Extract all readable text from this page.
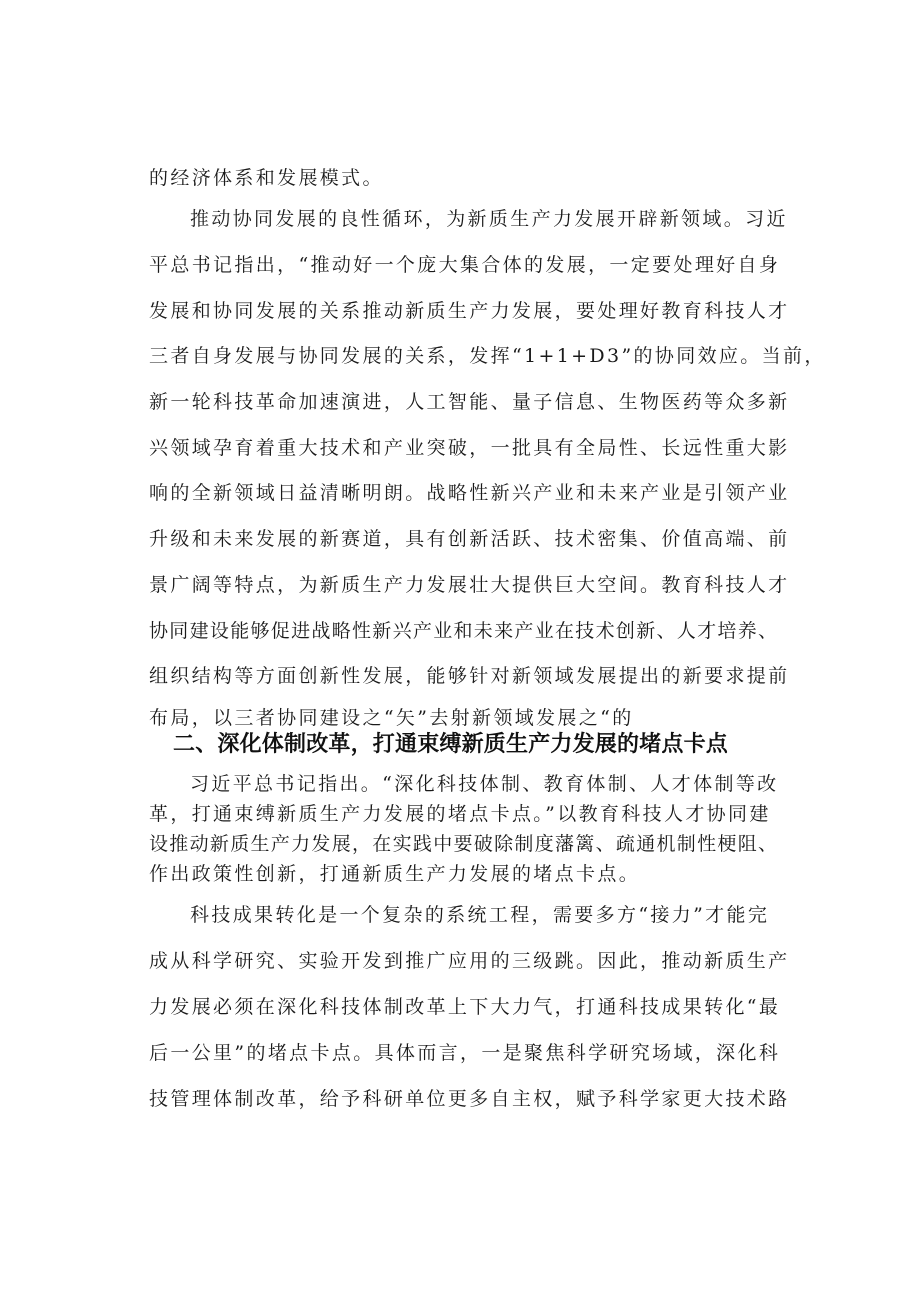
的经济体系和发展模式。
推动协同发展的良性循环，为新质生产力发展开辟新领域。习近
平总书记指出，“推动好一个庞大集合体的发展，一定要处理好自身
发展和协同发展的关系推动新质生产力发展，要处理好教育科技人才
三者自身发展与协同发展的关系，发挥“1+1+D3”的协同效应。当前，
新一轮科技革命加速演进，人工智能、量子信息、生物医药等众多新
兴领域孕育着重大技术和产业突破，一批具有全局性、长远性重大影
响的全新领域日益清晰明朗。战略性新兴产业和未来产业是引领产业
升级和未来发展的新赛道，具有创新活跃、技术密集、价值高端、前
景广阔等特点，为新质生产力发展壮大提供巨大空间。教育科技人才
协同建设能够促进战略性新兴产业和未来产业在技术创新、人才培养、
组织结构等方面创新性发展，能够针对新领域发展提出的新要求提前
布局，以三者协同建设之“矢”去射新领域发展之“的
二、深化体制改革，打通束缚新质生产力发展的堵点卡点
习近平总书记指出。“深化科技体制、教育体制、人才体制等改
革，打通束缚新质生产力发展的堵点卡点。”以教育科技人才协同建
设推动新质生产力发展，在实践中要破除制度藩篱、疏通机制性梗阻、
作出政策性创新，打通新质生产力发展的堵点卡点。
科技成果转化是一个复杂的系统工程，需要多方“接力”才能完
成从科学研究、实验开发到推广应用的三级跳。因此，推动新质生产
力发展必须在深化科技体制改革上下大力气，打通科技成果转化“最
后一公里”的堵点卡点。具体而言，一是聚焦科学研究场域，深化科
技管理体制改革，给予科研单位更多自主权，赋予科学家更大技术路
